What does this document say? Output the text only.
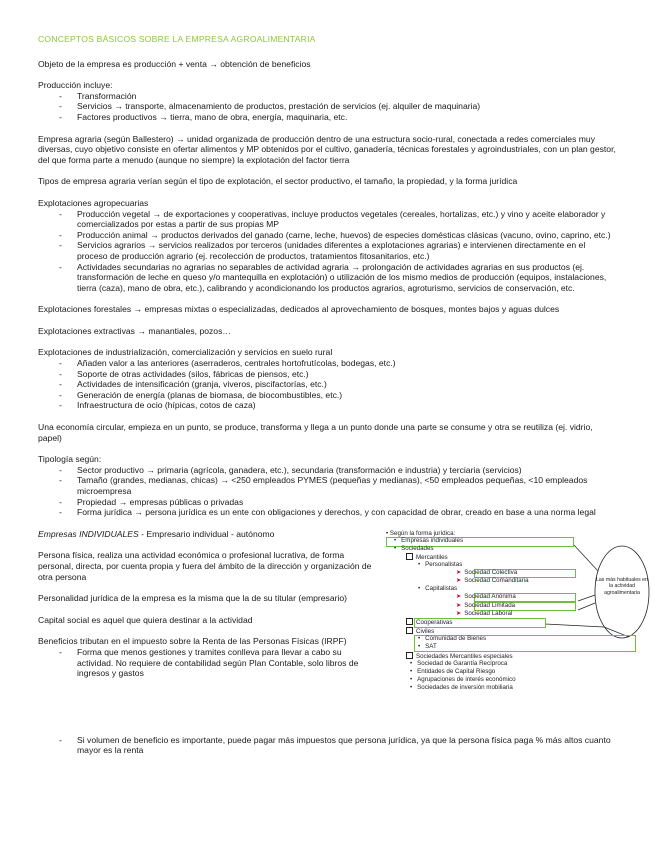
CONCEPTOS BÁSICOS SOBRE LA EMPRESA AGROALIMENTARIA

Objeto de la empresa es producción + venta → obtención de beneficios

Producción incluye:

- Transformación
- Servicios → transporte, almacenamiento de productos, prestación de servicios (ej. alquiler de maquinaria)
- Factores productivos → tierra, mano de obra, energía, maquinaria, etc.

Empresa agraria (según Ballestero) → unidad organizada de producción dentro de una estructura socio-rural, conectada a redes comerciales muy diversas, cuyo objetivo consiste en ofertar alimentos y MP obtenidos por el cultivo, ganadería, técnicas forestales y agroindustriales, con un plan gestor, del que forma parte a menudo (aunque no siempre) la explotación del factor tierra

Tipos de empresa agraria verían según el tipo de explotación, el sector productivo, el tamaño, la propiedad, y la forma jurídica

Explotaciones agropecuarias

- Producción vegetal → de exportaciones y cooperativas, incluye productos vegetales (cereales, hortalizas, etc.) y vino y aceite elaborador y comercializados por estas a partir de sus propias MP
- Producción animal → productos derivados del ganado (carne, leche, huevos) de especies domésticas clásicas (vacuno, ovino, caprino, etc.)
- Servicios agrarios → servicios realizados por terceros (unidades diferentes a explotaciones agrarias) e intervienen directamente en el proceso de producción agrario (ej. recolección de productos, tratamientos fitosanitarios, etc.)
- Actividades secundarias no agrarias no separables de actividad agraria → prolongación de actividades agrarias en sus productos (ej. transformación de leche en queso y/o mantequilla en explotación) o utilización de los mismo medios de producción (equipos, instalaciones, tierra (caza), mano de obra, etc.), calibrando y acondicionando los productos agrarios, agroturismo, servicios de conservación, etc.

Explotaciones forestales → empresas mixtas o especializadas, dedicados al aprovechamiento de bosques, montes bajos y aguas dulces

Explotaciones extractivas → manantiales, pozos…

Explotaciones de industrialización, comercialización y servicios en suelo rural

- Añaden valor a las anteriores (aserraderos, centrales hortofrutícolas, bodegas, etc.)
- Soporte de otras actividades (silos, fábricas de piensos, etc.)
- Actividades de intensificación (granja, viveros, piscifactorías, etc.)
- Generación de energía (planas de biomasa, de biocombustibles, etc.)
- Infraestructura de ocio (hípicas, cotos de caza)

Una economía circular, empieza en un punto, se produce, transforma y llega a un punto donde una parte se consume y otra se reutiliza (ej. vidrio, papel)

Tipología según:

- Sector productivo → primaria (agrícola, ganadera, etc.), secundaria (transformación e industria) y terciaria (servicios)
- Tamaño (grandes, medianas, chicas) → <250 empleados PYMES (pequeñas y medianas), <50 empleados pequeñas, <10 empleados microempresa
- Propiedad → empresas públicas o privadas
- Forma jurídica → persona jurídica es un ente con obligaciones y derechos, y con capacidad de obrar, creado en base a una norma legal

Empresas INDIVIDUALES - Empresario individual - autónomo

Persona física, realiza una actividad económica o profesional lucrativa, de forma personal, directa, por cuenta propia y fuera del ámbito de la dirección y organización de otra persona

Personalidad jurídica de la empresa es la misma que la de su titular (empresario)

Capital social es aquel que quiera destinar a la actividad

Beneficios tributan en el impuesto sobre la Renta de las Personas Físicas (IRPF)

- Forma que menos gestiones y tramites conlleva para llevar a cabo su actividad. No requiere de contabilidad según Plan Contable, solo libros de ingresos y gastos
- Si volumen de beneficio es importante, puede pagar más impuestos que persona jurídica, ya que la persona física paga % más altos cuanto mayor es la renta
• Según la forma jurídica:
• Empresas individuales
• Sociedades
Mercantiles
• Personalistas
➤ Sociedad Colectiva
➤ Sociedad Comanditaria
• Capitalistas
➤ Sociedad Anónima
➤ Sociedad Limitada
➤ Sociedad Laboral
Cooperativas
Civiles
• Comunidad de Bienes
• SAT
Sociedades Mercantiles especiales
• Sociedad de Garantía Recíproca
• Entidades de Capital Riesgo
• Agrupaciones de interés económico
• Sociedades de inversión mobiliaria
Las más habituales en la actividad agroalimentaria
